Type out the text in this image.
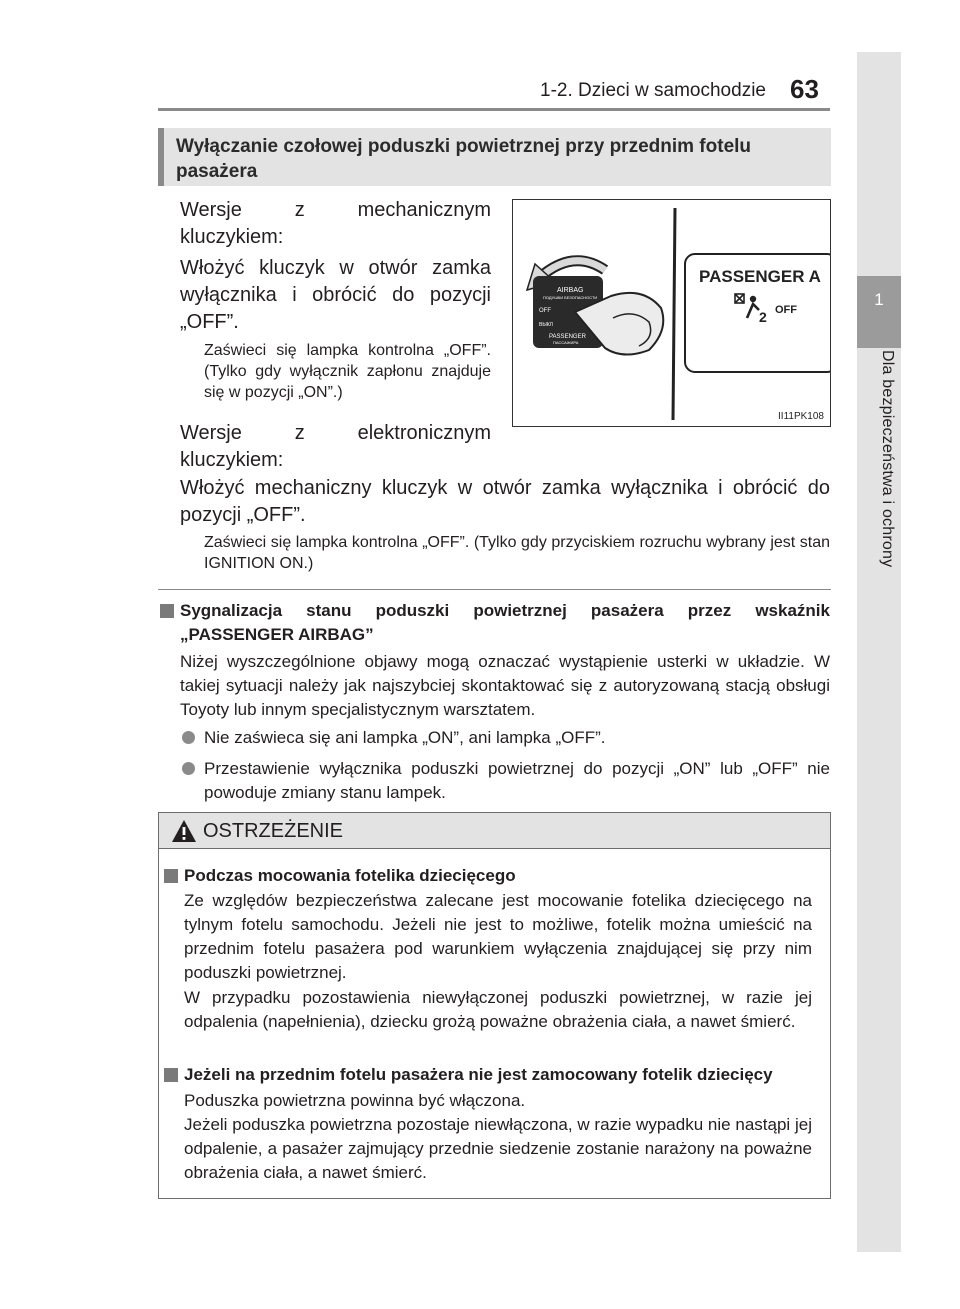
1-2. Dzieci w samochodzie 63
1
Dla bezpieczeństwa i ochrony
Wyłączanie czołowej poduszki powietrznej przy przednim fotelu pasażera
Wersje z mechanicznym kluczykiem:
Włożyć kluczyk w otwór zamka wyłącznika i obrócić do pozycji „OFF”.
Zaświeci się lampka kontrolna „OFF”. (Tylko gdy wyłącznik zapłonu znajduje się w pozycji „ON”.)
Wersje z elektronicznym kluczykiem:
Włożyć mechaniczny kluczyk w otwór zamka wyłącznika i obrócić do pozycji „OFF”.
Zaświeci się lampka kontrolna „OFF”. (Tylko gdy przyciskiem rozruchu wybrany jest stan IGNITION ON.)
AIRBAG
ПОДУШКИ БЕЗОПАСНОСТИ
OFF
ВЫКЛ
PASSENGER
ПАССАЖИРА
PASSENGER A
2 OFF
II11PK108
Sygnalizacja stanu poduszki powietrznej pasażera przez wskaźnik „PASSENGER AIRBAG”
Niżej wyszczególnione objawy mogą oznaczać wystąpienie usterki w układzie. W takiej sytuacji należy jak najszybciej skontaktować się z autoryzowaną stacją obsługi Toyoty lub innym specjalistycznym warsztatem.
Nie zaświeca się ani lampka „ON”, ani lampka „OFF”.
Przestawienie wyłącznika poduszki powietrznej do pozycji „ON” lub „OFF” nie powoduje zmiany stanu lampek.
OSTRZEŻENIE
Podczas mocowania fotelika dziecięcego
Ze względów bezpieczeństwa zalecane jest mocowanie fotelika dziecięcego na tylnym fotelu samochodu. Jeżeli nie jest to możliwe, fotelik można umieścić na przednim fotelu pasażera pod warunkiem wyłączenia znajdującej się przy nim poduszki powietrznej.
W przypadku pozostawienia niewyłączonej poduszki powietrznej, w razie jej odpalenia (napełnienia), dziecku grożą poważne obrażenia ciała, a nawet śmierć.
Jeżeli na przednim fotelu pasażera nie jest zamocowany fotelik dziecięcy
Poduszka powietrzna powinna być włączona.
Jeżeli poduszka powietrzna pozostaje niewłączona, w razie wypadku nie nastąpi jej odpalenie, a pasażer zajmujący przednie siedzenie zostanie narażony na poważne obrażenia ciała, a nawet śmierć.
